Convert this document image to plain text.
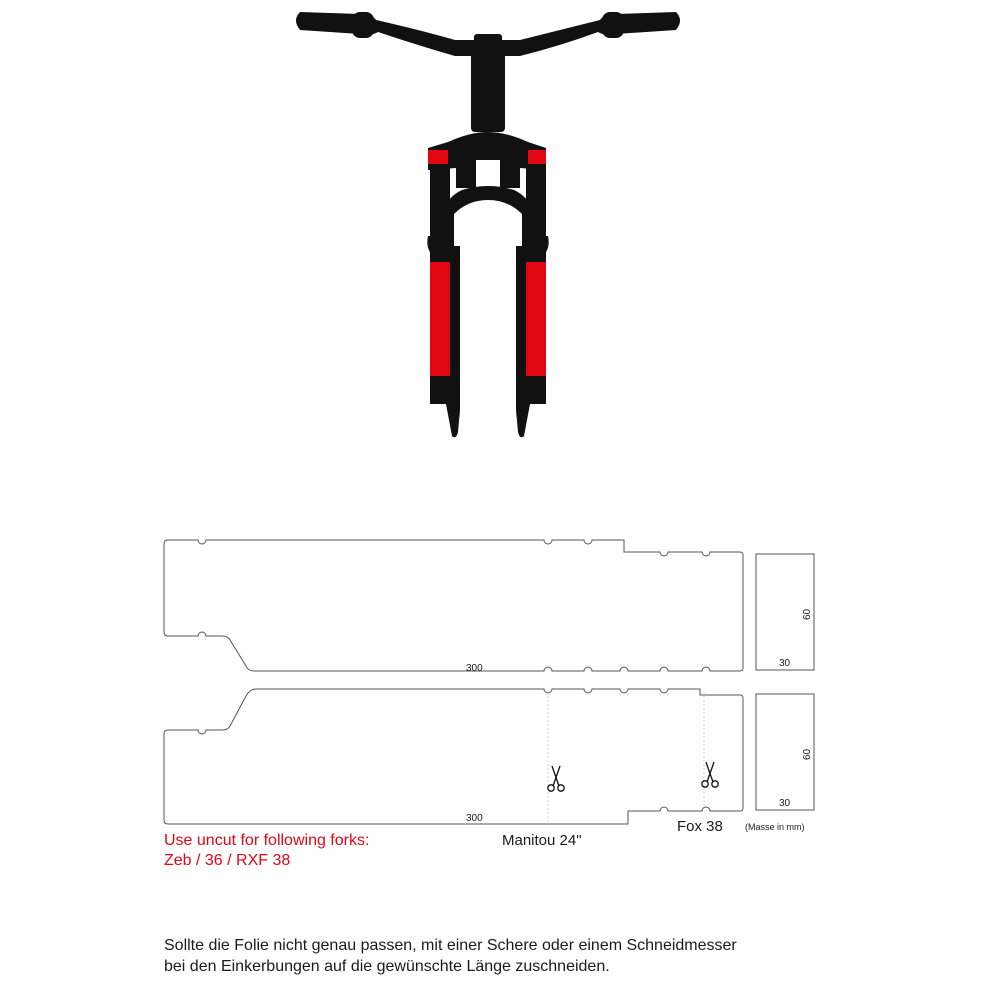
300
300
30
30
60
60
Use uncut for following forks:
Zeb / 36 / RXF 38
Manitou 24"
Fox 38 (Masse in mm)
Sollte die Folie nicht genau passen, mit einer Schere oder einem Schneidmesser
bei den Einkerbungen auf die gewünschte Länge zuschneiden.
